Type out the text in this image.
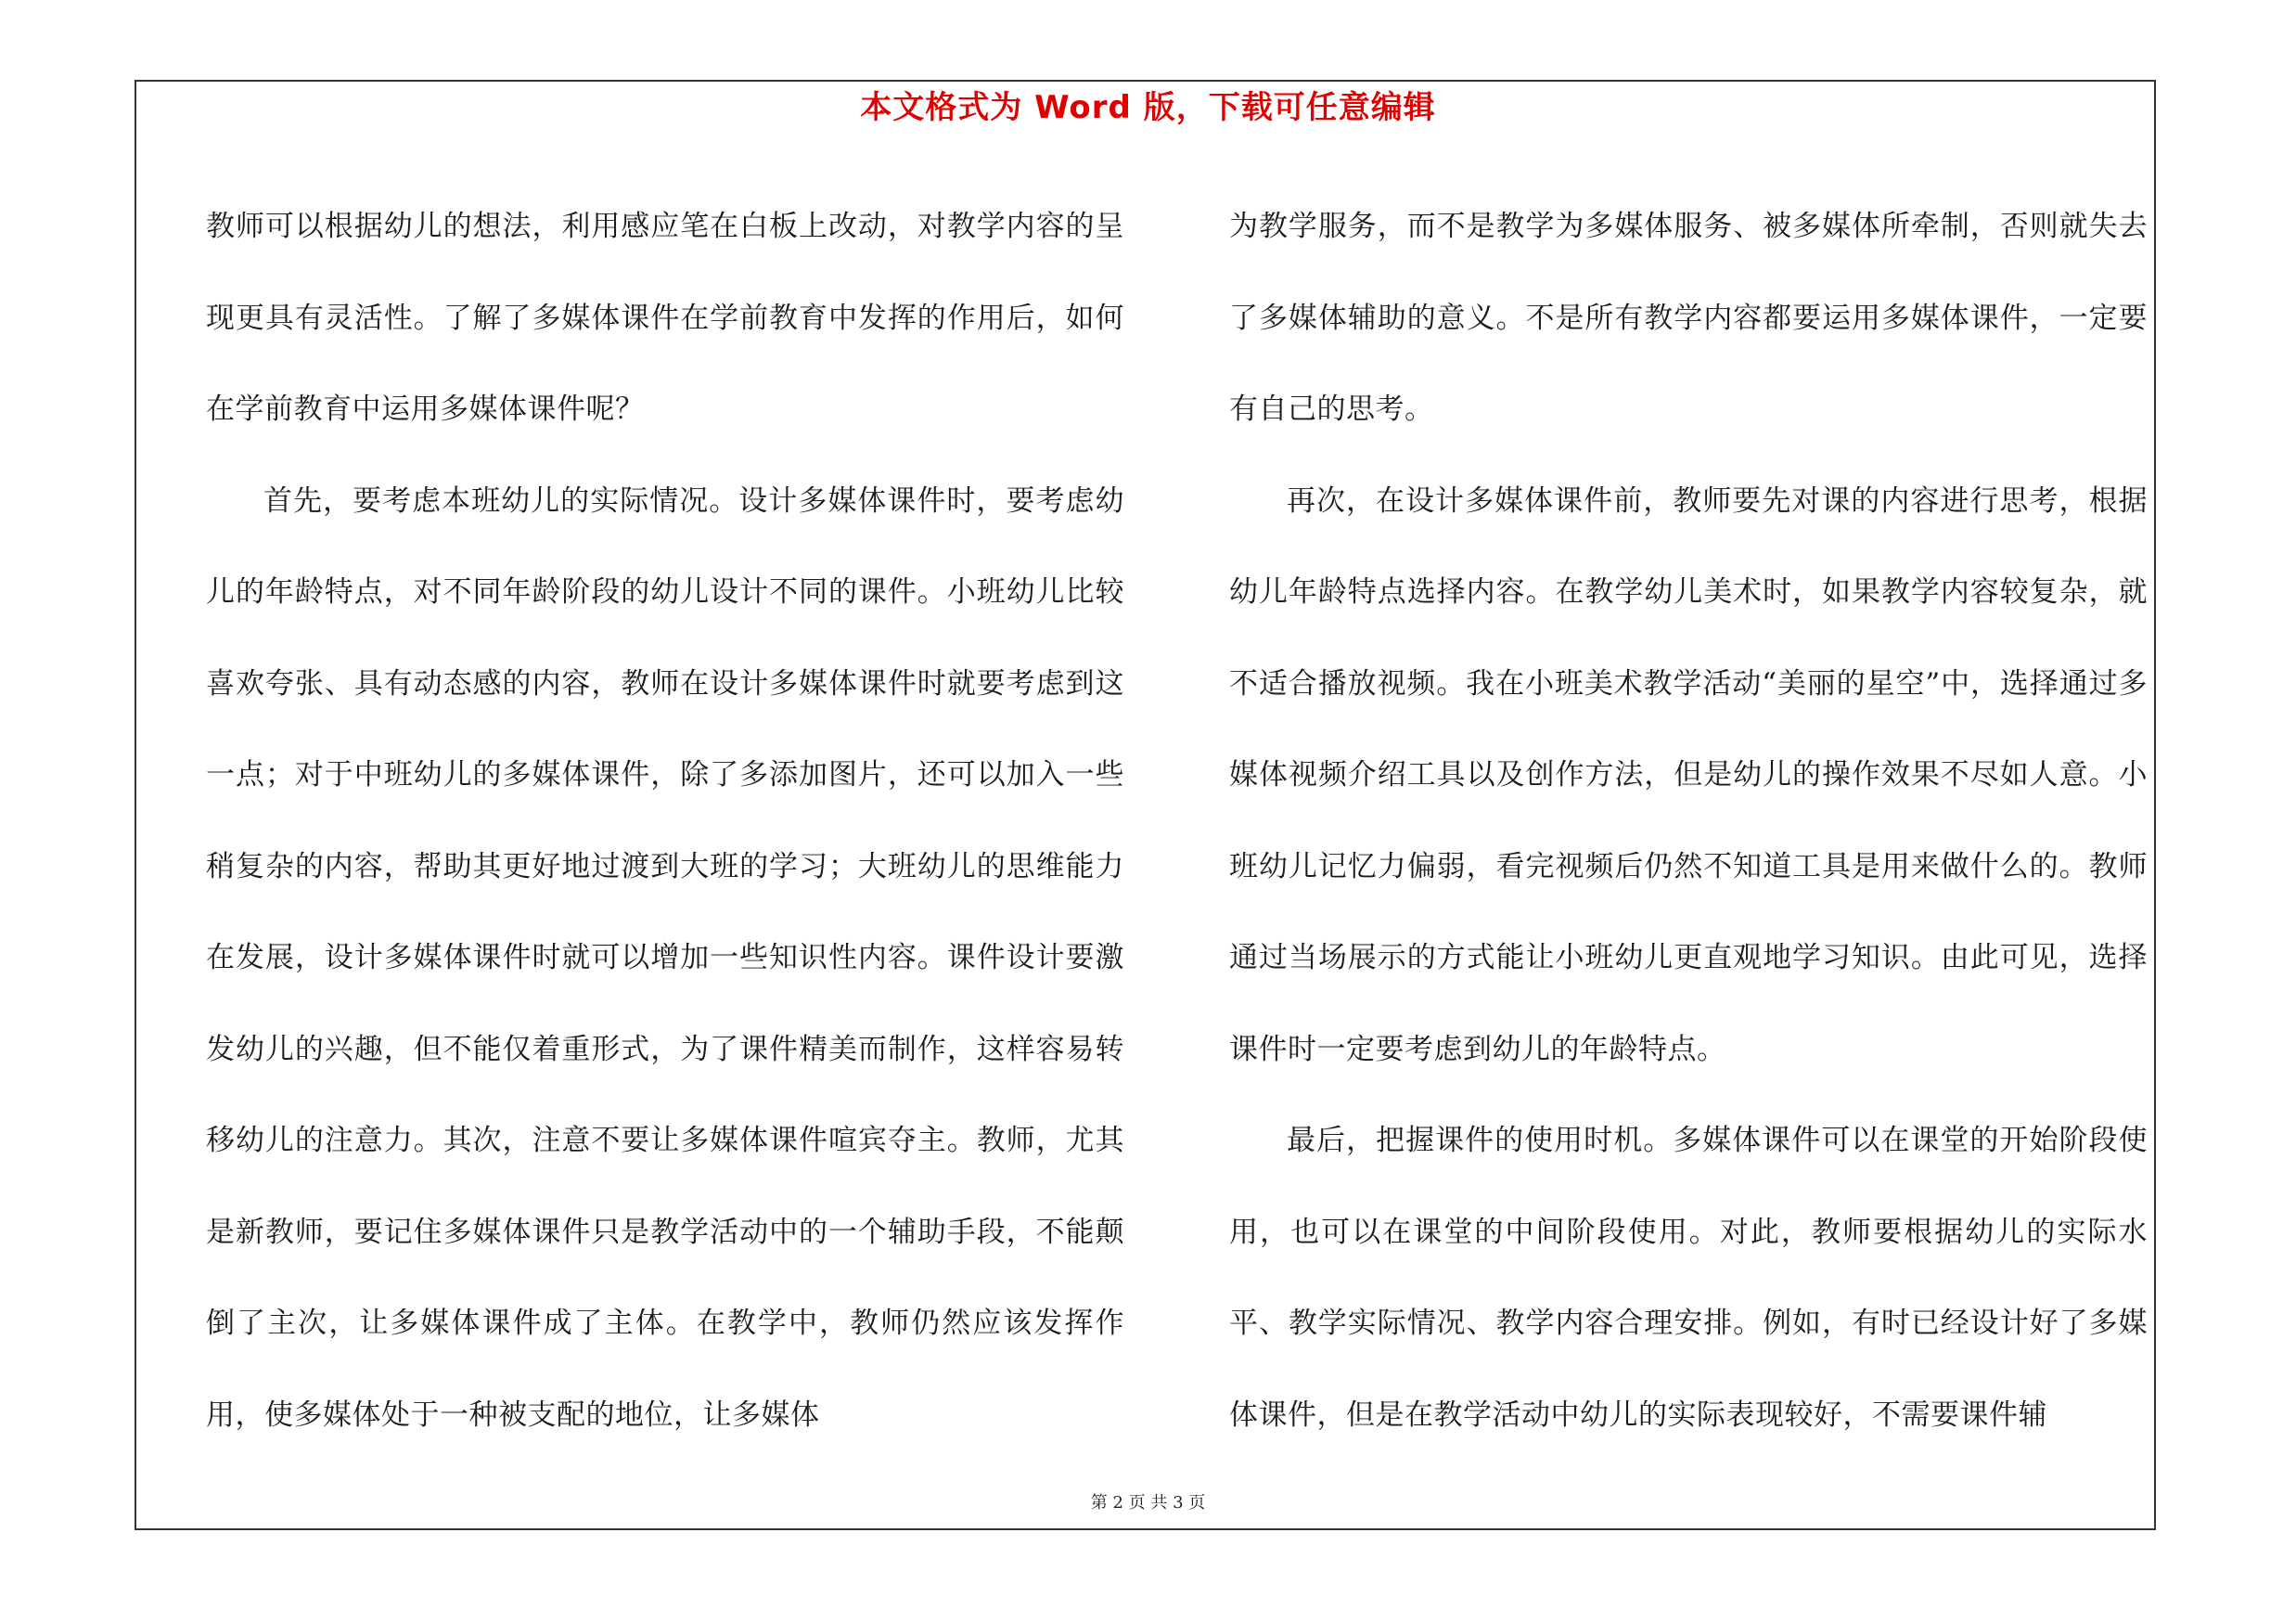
本文格式为 Word 版，下载可任意编辑

教师可以根据幼儿的想法，利用感应笔在白板上改动，对教学内容的呈现更具有灵活性。了解了多媒体课件在学前教育中发挥的作用后，如何在学前教育中运用多媒体课件呢？

首先，要考虑本班幼儿的实际情况。设计多媒体课件时，要考虑幼儿的年龄特点，对不同年龄阶段的幼儿设计不同的课件。小班幼儿比较喜欢夸张、具有动态感的内容，教师在设计多媒体课件时就要考虑到这一点；对于中班幼儿的多媒体课件，除了多添加图片，还可以加入一些稍复杂的内容，帮助其更好地过渡到大班的学习；大班幼儿的思维能力在发展，设计多媒体课件时就可以增加一些知识性内容。课件设计要激发幼儿的兴趣，但不能仅着重形式，为了课件精美而制作，这样容易转移幼儿的注意力。其次，注意不要让多媒体课件喧宾夺主。教师，尤其是新教师，要记住多媒体课件只是教学活动中的一个辅助手段，不能颠倒了主次，让多媒体课件成了主体。在教学中，教师仍然应该发挥作用，使多媒体处于一种被支配的地位，让多媒体

为教学服务，而不是教学为多媒体服务、被多媒体所牵制，否则就失去了多媒体辅助的意义。不是所有教学内容都要运用多媒体课件，一定要有自己的思考。

再次，在设计多媒体课件前，教师要先对课的内容进行思考，根据幼儿年龄特点选择内容。在教学幼儿美术时，如果教学内容较复杂，就不适合播放视频。我在小班美术教学活动“美丽的星空”中，选择通过多媒体视频介绍工具以及创作方法，但是幼儿的操作效果不尽如人意。小班幼儿记忆力偏弱，看完视频后仍然不知道工具是用来做什么的。教师通过当场展示的方式能让小班幼儿更直观地学习知识。由此可见，选择课件时一定要考虑到幼儿的年龄特点。

最后，把握课件的使用时机。多媒体课件可以在课堂的开始阶段使用，也可以在课堂的中间阶段使用。对此，教师要根据幼儿的实际水平、教学实际情况、教学内容合理安排。例如，有时已经设计好了多媒体课件，但是在教学活动中幼儿的实际表现较好，不需要课件辅

第 2 页 共 3 页
